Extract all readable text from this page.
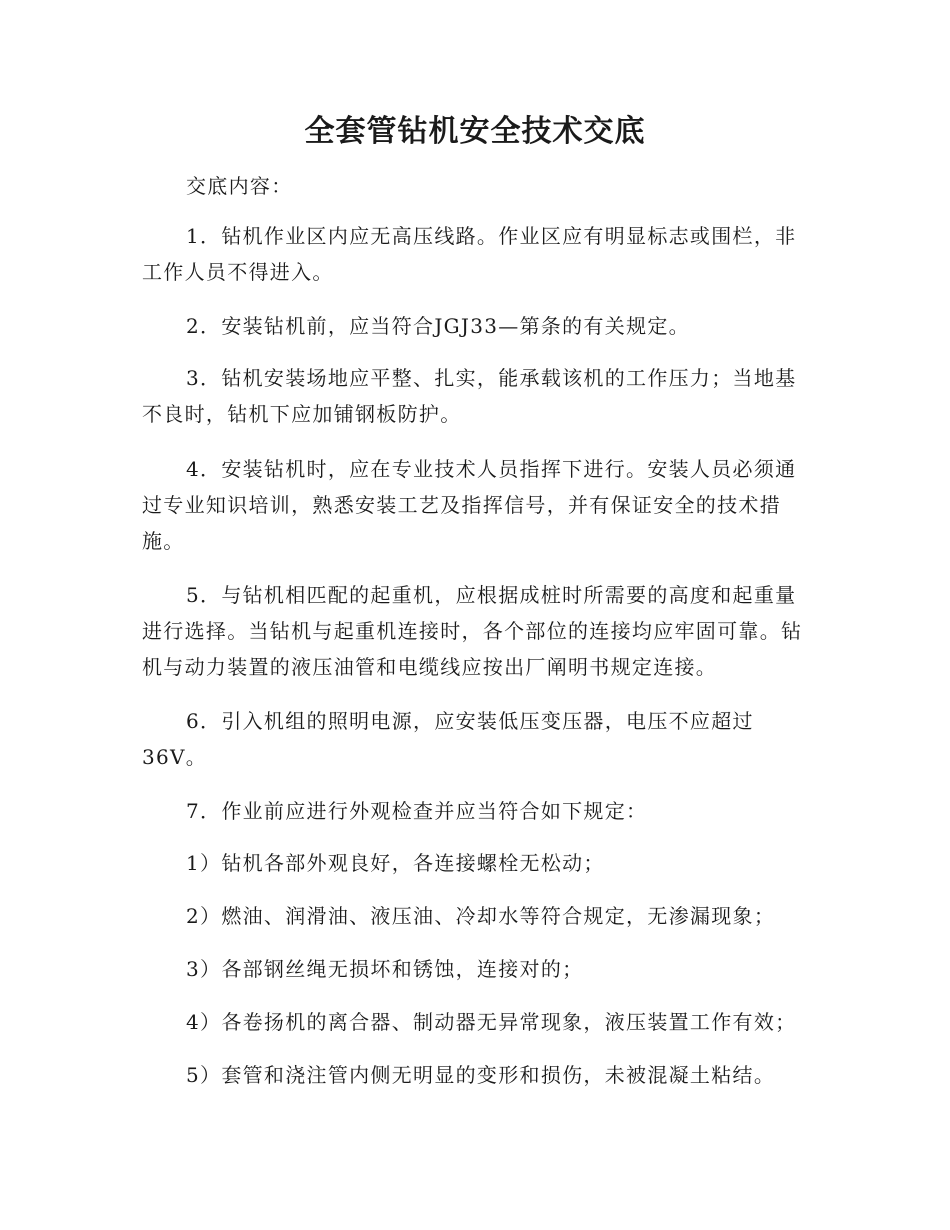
全套管钻机安全技术交底

交底内容：

1．钻机作业区内应无高压线路。作业区应有明显标志或围栏，非工作人员不得进入。

2．安装钻机前，应当符合JGJ33—第条的有关规定。

3．钻机安装场地应平整、扎实，能承载该机的工作压力；当地基不良时，钻机下应加铺钢板防护。

4．安装钻机时，应在专业技术人员指挥下进行。安装人员必须通过专业知识培训，熟悉安装工艺及指挥信号，并有保证安全的技术措施。

5．与钻机相匹配的起重机，应根据成桩时所需要的高度和起重量进行选择。当钻机与起重机连接时，各个部位的连接均应牢固可靠。钻机与动力装置的液压油管和电缆线应按出厂阐明书规定连接。

6．引入机组的照明电源，应安装低压变压器，电压不应超过36V。

7．作业前应进行外观检查并应当符合如下规定：

1）钻机各部外观良好，各连接螺栓无松动；

2）燃油、润滑油、液压油、冷却水等符合规定，无渗漏现象；

3）各部钢丝绳无损坏和锈蚀，连接对的；

4）各卷扬机的离合器、制动器无异常现象，液压装置工作有效；

5）套管和浇注管内侧无明显的变形和损伤，未被混凝土粘结。
